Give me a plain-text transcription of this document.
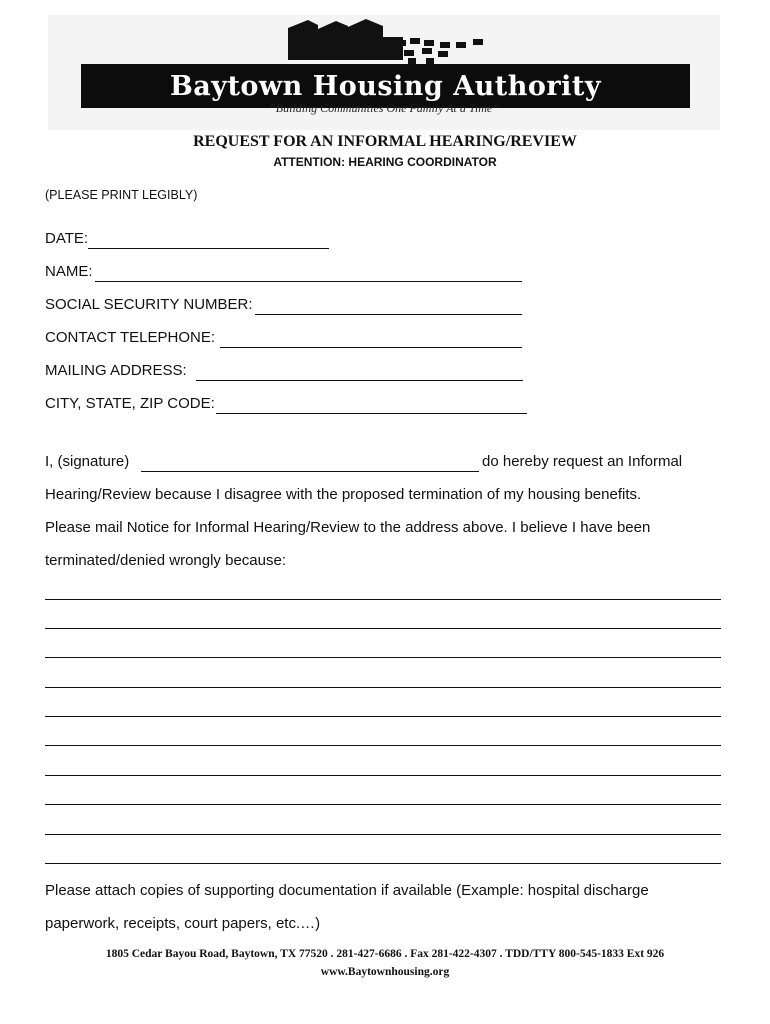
Baytown Housing Authority
“Building Communities One Family At a Time”
REQUEST FOR AN INFORMAL HEARING/REVIEW
ATTENTION: HEARING COORDINATOR
(PLEASE PRINT LEGIBLY)
DATE:
NAME:
SOCIAL SECURITY NUMBER:
CONTACT TELEPHONE:
MAILING ADDRESS:
CITY, STATE, ZIP CODE:
I, (signature)	do hereby request an Informal
Hearing/Review because I disagree with the proposed termination of my housing benefits.
Please mail Notice for Informal Hearing/Review to the address above. I believe I have been
terminated/denied wrongly because:
Please attach copies of supporting documentation if available (Example: hospital discharge
paperwork, receipts, court papers, etc.…)
1805 Cedar Bayou Road, Baytown, TX 77520 . 281-427-6686 . Fax 281-422-4307 . TDD/TTY 800-545-1833 Ext 926
www.Baytownhousing.org
